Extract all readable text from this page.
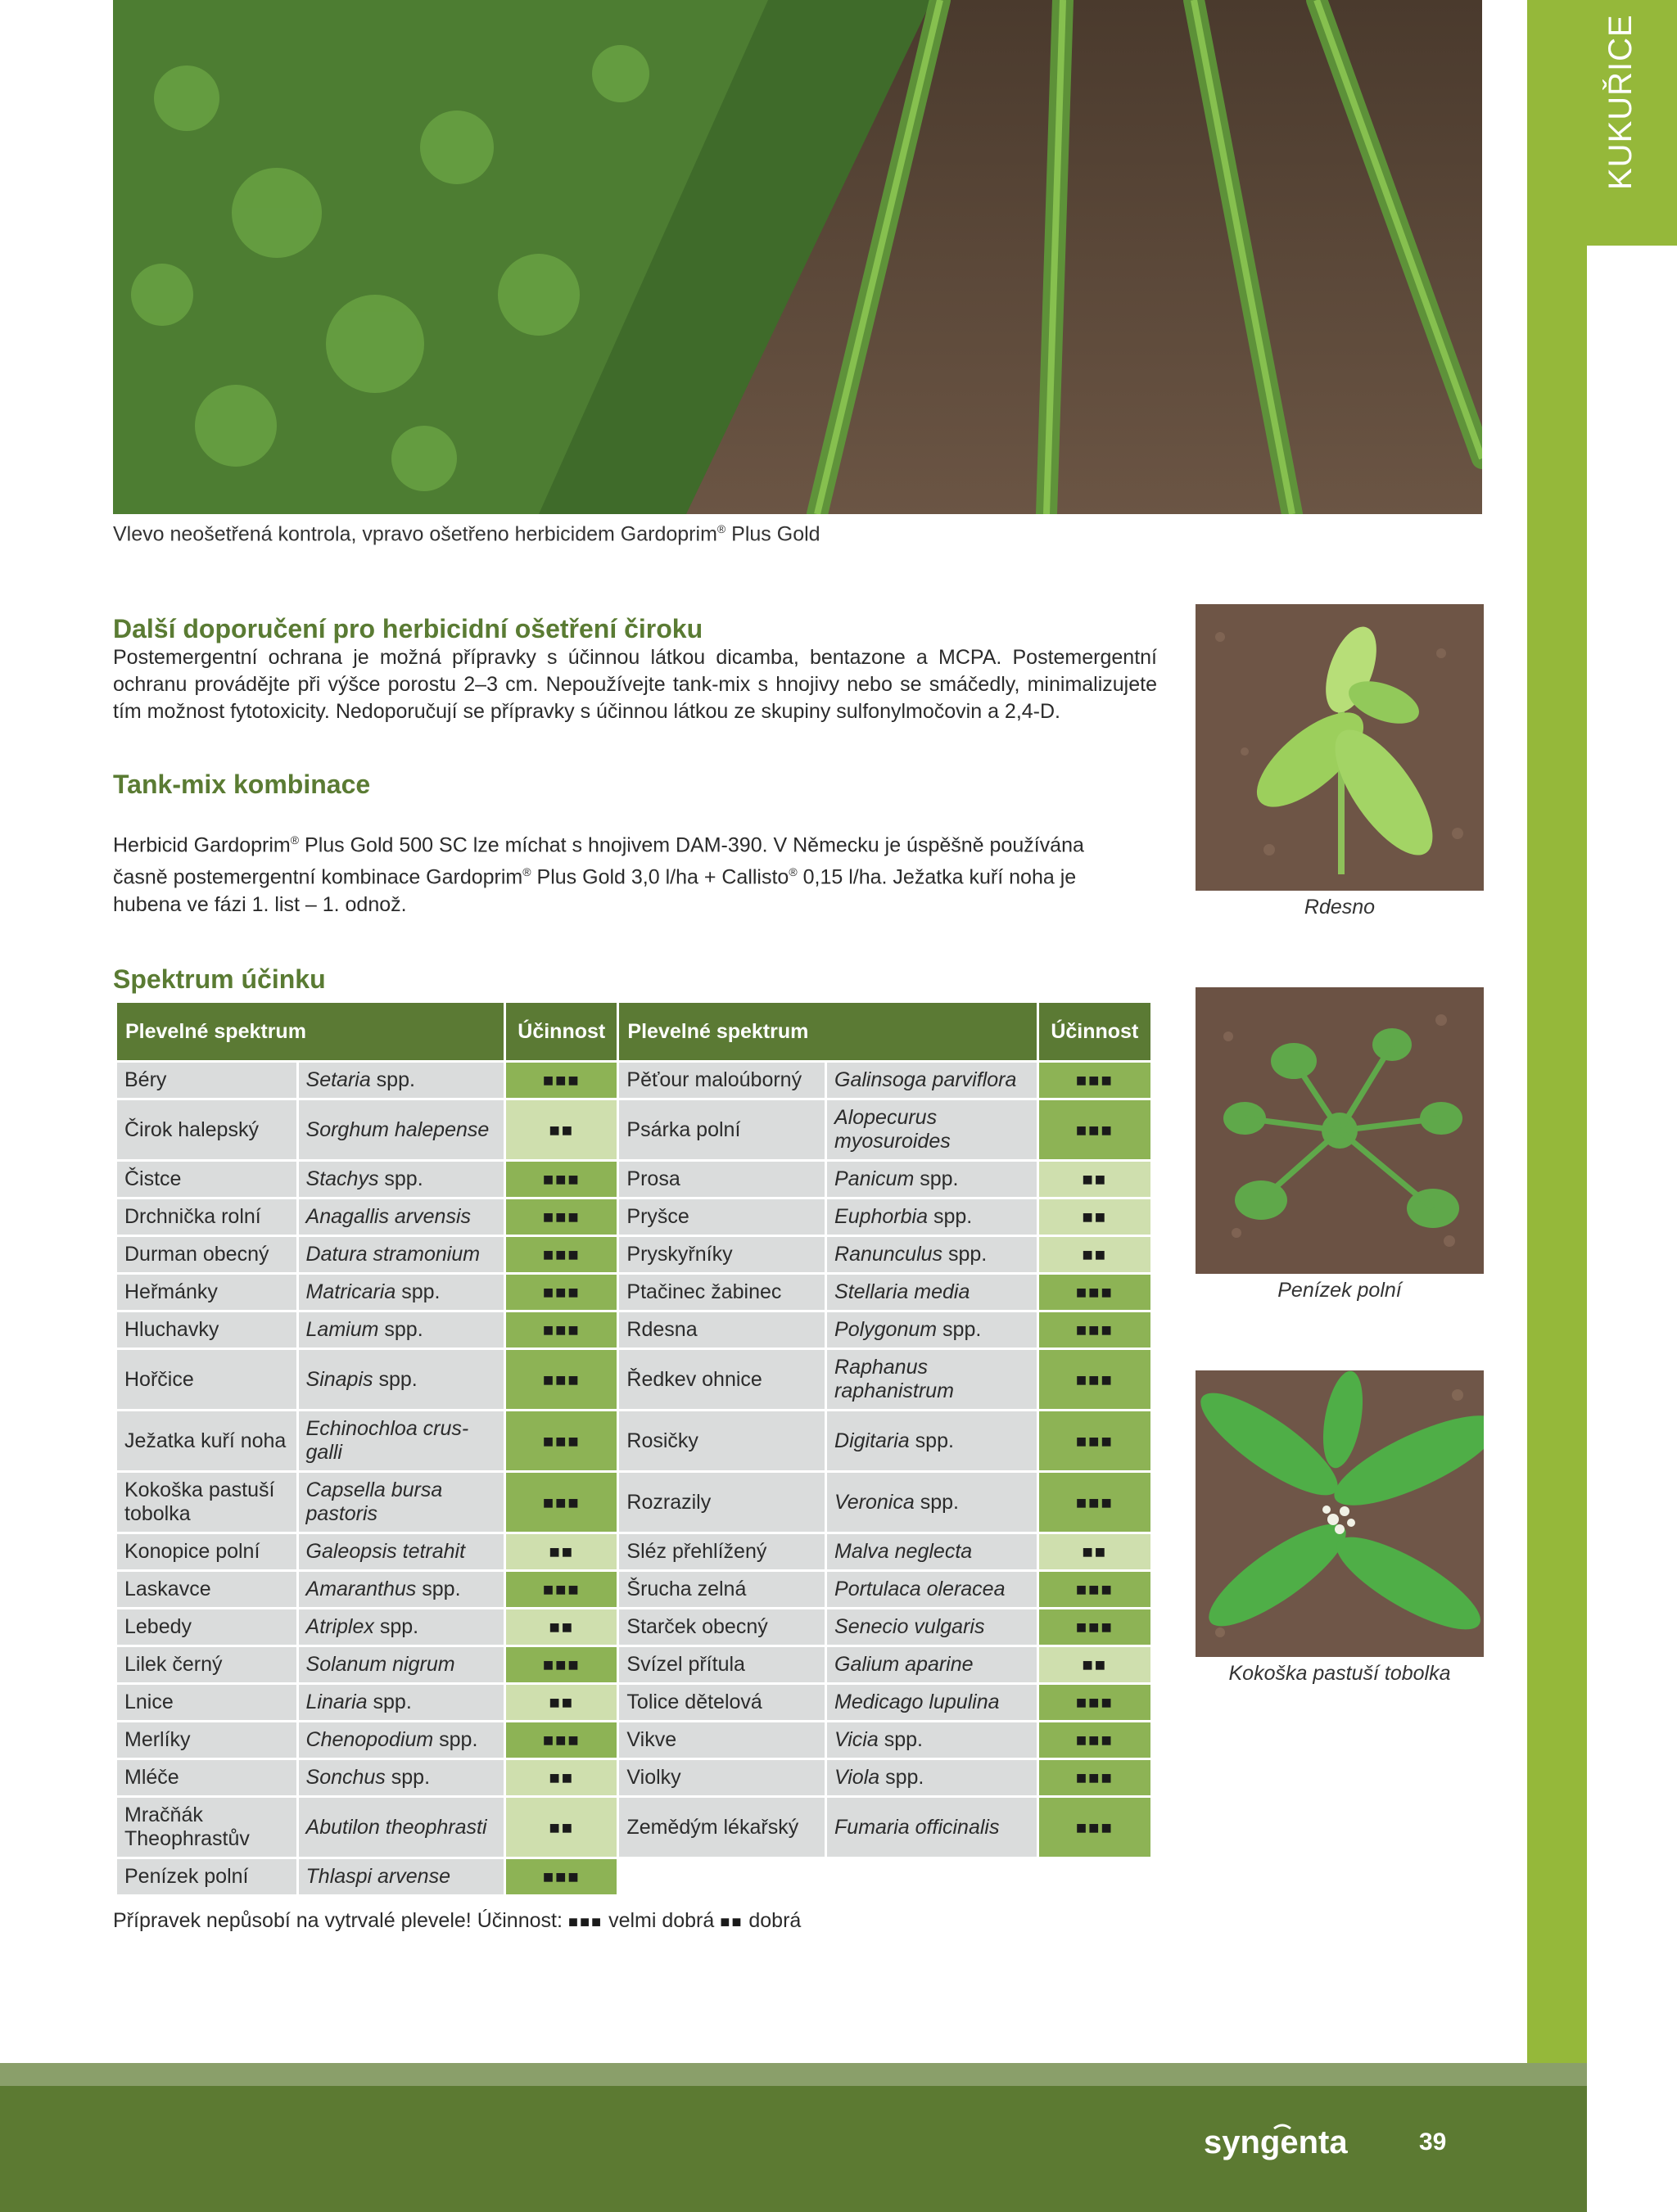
KUKUŘICE
Vlevo neošetřená kontrola, vpravo ošetřeno herbicidem Gardoprim® Plus Gold
Další doporučení pro herbicidní ošetření čiroku
Postemergentní ochrana je možná přípravky s účinnou látkou dicamba, bentazone a MCPA. Postemergentní ochranu provádějte při výšce porostu 2–3 cm. Nepoužívejte tank-mix s hnojivy nebo se smáčedly, minimalizujete tím možnost fytotoxicity. Nedoporučují se přípravky s účinnou látkou ze skupiny sulfonylmočovin a 2,4-D.
Tank-mix kombinace
Herbicid Gardoprim® Plus Gold 500 SC lze míchat s hnojivem DAM-390. V Německu je úspěšně používána
časně postemergentní kombinace Gardoprim® Plus Gold 3,0 l/ha + Callisto® 0,15 l/ha. Ježatka kuří noha je
hubena ve fázi 1. list – 1. odnož.
Spektrum účinku
Plevelné spektrum		Účinnost	Plevelné spektrum		Účinnost
Béry	Setaria spp.	■■■	Pěťour maloúborný	Galinsoga parviflora	■■■
Čirok halepský	Sorghum halepense	■■	Psárka polní	Alopecurus myosuroides	■■■
Čistce	Stachys spp.	■■■	Prosa	Panicum spp.	■■
Drchnička rolní	Anagallis arvensis	■■■	Pryšce	Euphorbia spp.	■■
Durman obecný	Datura stramonium	■■■	Pryskyřníky	Ranunculus spp.	■■
Heřmánky	Matricaria spp.	■■■	Ptačinec žabinec	Stellaria media	■■■
Hluchavky	Lamium spp.	■■■	Rdesna	Polygonum spp.	■■■
Hořčice	Sinapis spp.	■■■	Ředkev ohnice	Raphanus raphanistrum	■■■
Ježatka kuří noha	Echinochloa crus-galli	■■■	Rosičky	Digitaria spp.	■■■
Kokoška pastuší tobolka	Capsella bursa pastoris	■■■	Rozrazily	Veronica spp.	■■■
Konopice polní	Galeopsis tetrahit	■■	Sléz přehlížený	Malva neglecta	■■
Laskavce	Amaranthus spp.	■■■	Šrucha zelná	Portulaca oleracea	■■■
Lebedy	Atriplex spp.	■■	Starček obecný	Senecio vulgaris	■■■
Lilek černý	Solanum nigrum	■■■	Svízel přítula	Galium aparine	■■
Lnice	Linaria spp.	■■	Tolice dětelová	Medicago lupulina	■■■
Merlíky	Chenopodium spp.	■■■	Vikve	Vicia spp.	■■■
Mléče	Sonchus spp.	■■	Violky	Viola spp.	■■■
Mračňák Theophrastův	Abutilon theophrasti	■■	Zemědým lékařský	Fumaria officinalis	■■■
Penízek polní	Thlaspi arvense	■■■			
Přípravek nepůsobí na vytrvalé plevele! Účinnost: ■■■ velmi dobrá ■■ dobrá
Rdesno
Penízek polní
Kokoška pastuší tobolka
syngenta	39
